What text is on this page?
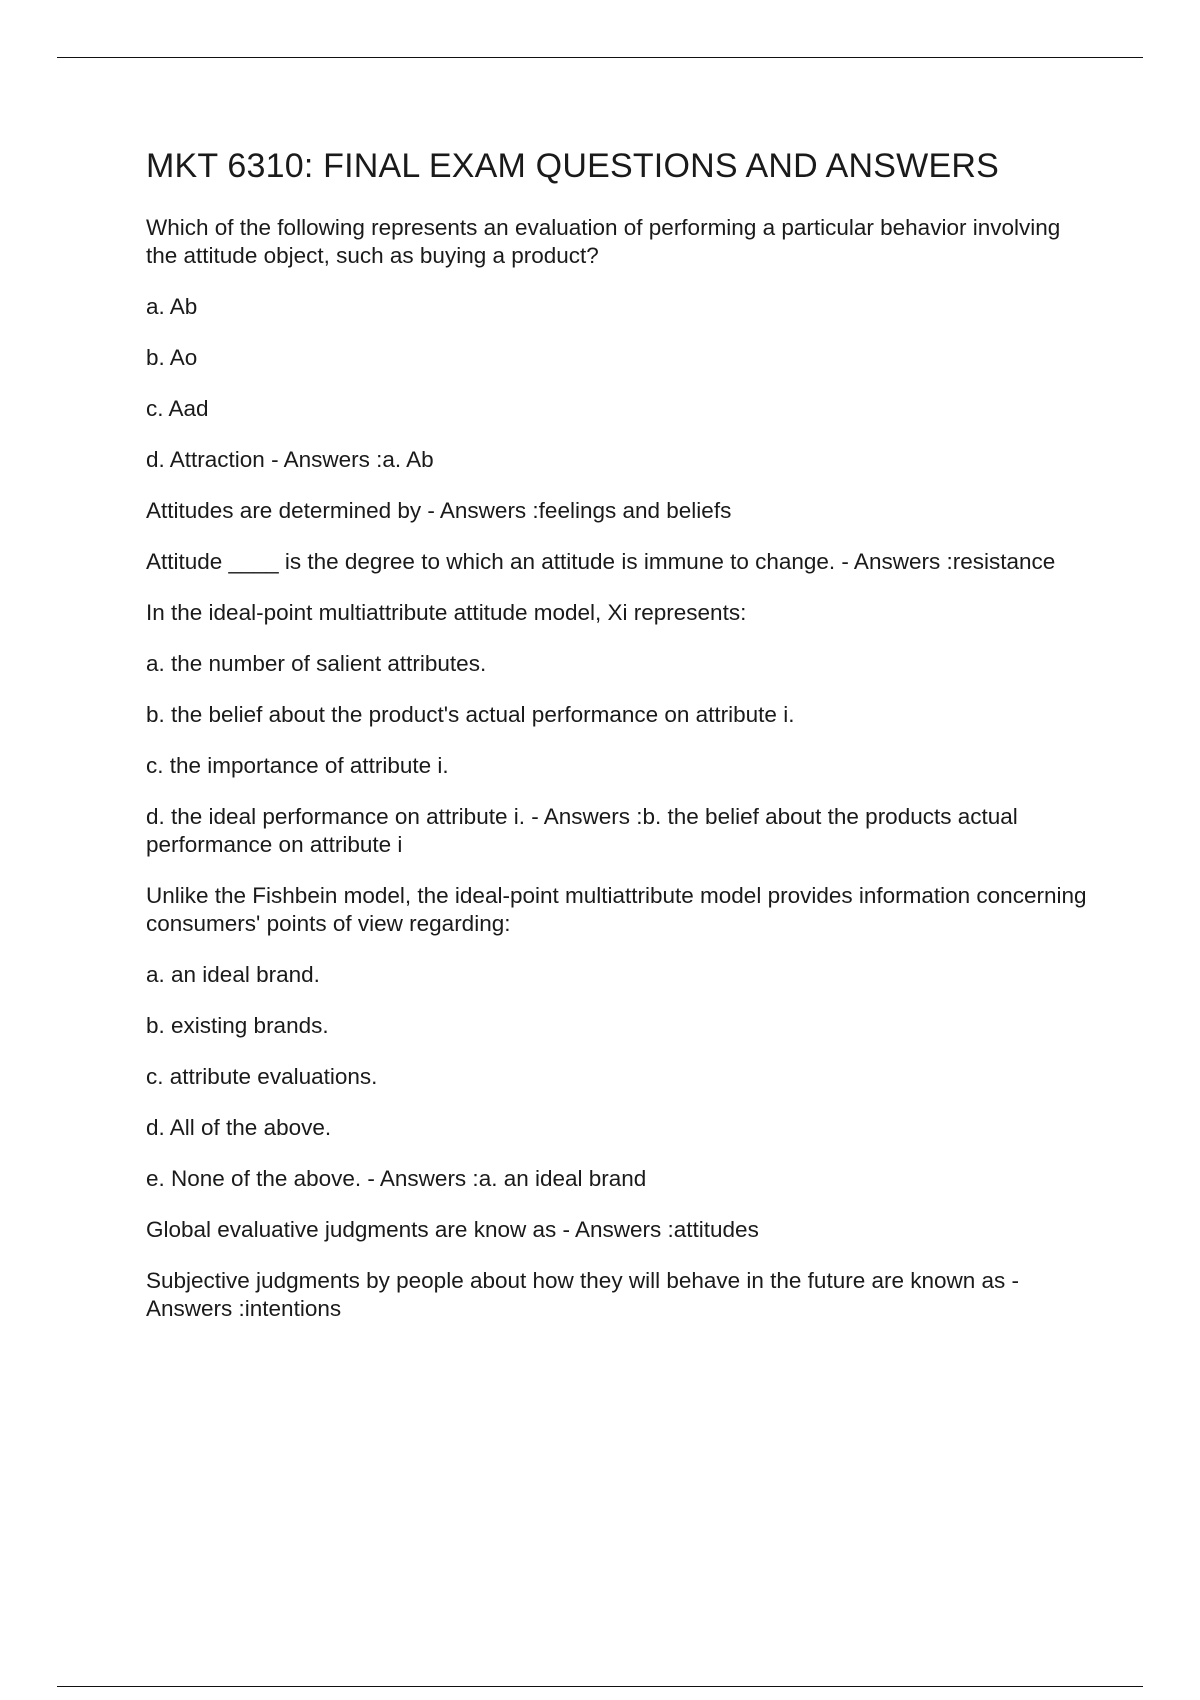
MKT 6310: FINAL EXAM QUESTIONS AND ANSWERS

Which of the following represents an evaluation of performing a particular behavior involving the attitude object, such as buying a product?

a. Ab

b. Ao

c. Aad

d. Attraction - Answers :a. Ab

Attitudes are determined by - Answers :feelings and beliefs

Attitude ____ is the degree to which an attitude is immune to change. - Answers :resistance

In the ideal-point multiattribute attitude model, Xi represents:

a. the number of salient attributes.

b. the belief about the product's actual performance on attribute i.

c. the importance of attribute i.

d. the ideal performance on attribute i. - Answers :b. the belief about the products actual performance on attribute i

Unlike the Fishbein model, the ideal-point multiattribute model provides information concerning consumers' points of view regarding:

a. an ideal brand.

b. existing brands.

c. attribute evaluations.

d. All of the above.

e. None of the above. - Answers :a. an ideal brand

Global evaluative judgments are know as - Answers :attitudes

Subjective judgments by people about how they will behave in the future are known as - Answers :intentions
